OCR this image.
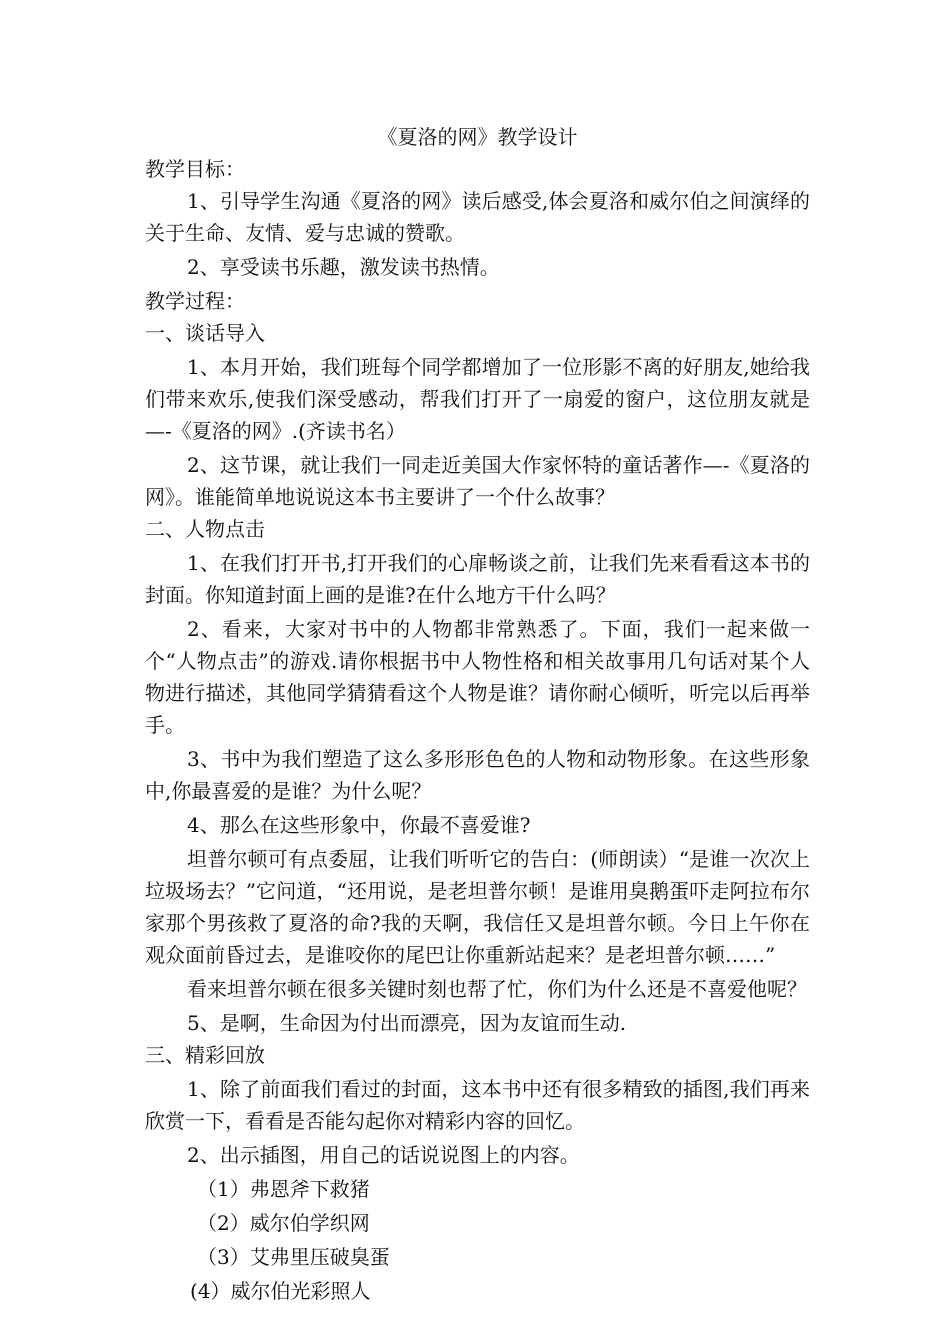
《夏洛的网》教学设计
教学目标：
1、引导学生沟通《夏洛的网》读后感受,体会夏洛和威尔伯之间演绎的关于生命、友情、爱与忠诚的赞歌。
2、享受读书乐趣，激发读书热情。
教学过程：
一、谈话导入
1、本月开始，我们班每个同学都增加了一位形影不离的好朋友,她给我们带来欢乐,使我们深受感动，帮我们打开了一扇爱的窗户，这位朋友就是—-《夏洛的网》.(齐读书名）
2、这节课，就让我们一同走近美国大作家怀特的童话著作—-《夏洛的网》。谁能简单地说说这本书主要讲了一个什么故事？
二、人物点击
1、在我们打开书,打开我们的心扉畅谈之前，让我们先来看看这本书的封面。你知道封面上画的是谁?在什么地方干什么吗？
2、看来，大家对书中的人物都非常熟悉了。下面，我们一起来做一个“人物点击”的游戏.请你根据书中人物性格和相关故事用几句话对某个人物进行描述，其他同学猜猜看这个人物是谁？请你耐心倾听，听完以后再举手。
3、书中为我们塑造了这么多形形色色的人物和动物形象。在这些形象中,你最喜爱的是谁？为什么呢？
4、那么在这些形象中，你最不喜爱谁?
坦普尔顿可有点委屈，让我们听听它的告白：(师朗读）“是谁一次次上垃圾场去？”它问道，“还用说，是老坦普尔顿！是谁用臭鹅蛋吓走阿拉布尔家那个男孩救了夏洛的命?我的天啊，我信任又是坦普尔顿。今日上午你在观众面前昏过去，是谁咬你的尾巴让你重新站起来？是老坦普尔顿……”
看来坦普尔顿在很多关键时刻也帮了忙，你们为什么还是不喜爱他呢？
5、是啊，生命因为付出而漂亮，因为友谊而生动.
三、精彩回放
1、除了前面我们看过的封面，这本书中还有很多精致的插图,我们再来欣赏一下，看看是否能勾起你对精彩内容的回忆。
2、出示插图，用自己的话说说图上的内容。
（1）弗恩斧下救猪
（2）威尔伯学织网
（3）艾弗里压破臭蛋
(4）威尔伯光彩照人
